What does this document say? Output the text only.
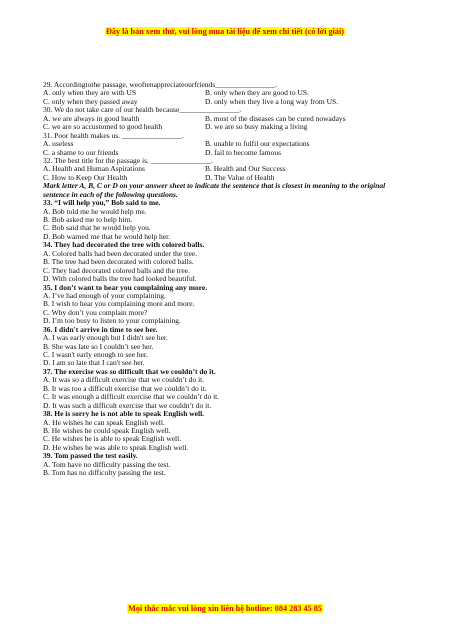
Đây là bản xem thử, vui lòng mua tài liệu để xem chi tiết (có lời giải)
29. Accordingtothe passage, weoftenappreciateourfriends________________.
A. only when they are with US	B. only when they are good to US.
C. only when they passed away	D. only when they live a long way from US.
30. We do not take care of our health because________________.
A. we are always in good health	B. most of the diseases can be cured nowadays
C. we are so accustomed to good health	D. we are so busy making a living
31. Poor health makes us. ________________.
A. useless	B. unable to fulfil our expectations
C. a shame to our friends	D. fail to become famous
32. The best title for the passage is. ________________.
A. Health and Human Aspirations	B. Health and Our Success
C. How to Keep Our Health	D. The Value of Health
Mark letter A, B, C or D on your answer sheet to indicate the sentence that is closest in meaning to the original sentence in each of the following questions.
33. “I will help you,” Bob said to me.
A. Bob told me he would help me.
B. Bob asked me to help him.
C. Bob said that he would help you.
D. Bob warned me that he would help her.
34. They had decorated the tree with colored balls.
A. Colored balls had been decorated under the tree.
B. The tree had been decorated with colored balls.
C. They had decorated colored balls and the tree.
D. With colored balls the tree had looked beautiful.
35. I don’t want to hear you complaining any more.
A. I’ve had enough of your complaining.
B. I wish to hear you complaining more and more.
C. Why don’t you complain more?
D. I’m too busy to listen to your complaining.
36. I didn't arrive in time to see her.
A. I was early enough but I didn't see her.
B. She was late so I couldn’t see her.
C. I wasn't early enough to see her.
D. I am so late that I can't see her.
37. The exercise was so difficult that we couldn’t do it.
A. It was so a difficult exercise that we couldn’t do it.
B. It was too a difficult exercise that we couldn’t do it.
C. It was enough a difficult exercise that we couldn’t do it.
D. It was such a difficult exercise that we couldn’t do it.
38. He is sorry he is not able to speak English well.
A. He wishes he can speak English well.
B. He wishes he could speak English well.
C. He wishes he is able to speak English well.
D. He wishes he was able to speak English well.
39. Tom passed the test easily.
A. Tom have no difficulty passing the test.
B. Tom has no difficulty passing the test.
Mọi thắc mắc vui lòng xin liên hệ hotline: 084 283 45 85
